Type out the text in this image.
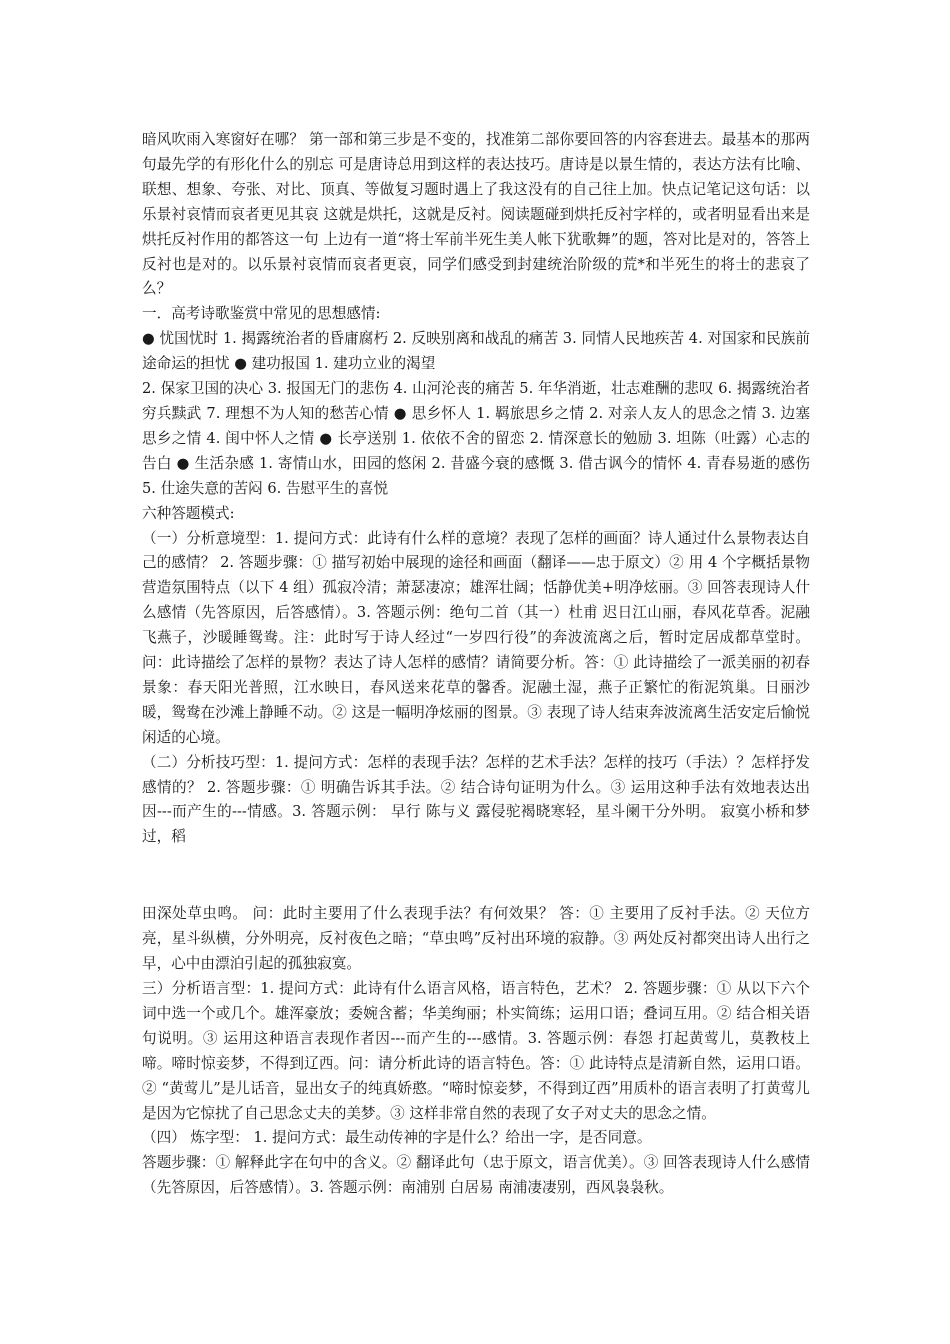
暗风吹雨入寒窗好在哪？ 第一部和第三步是不变的，找准第二部你要回答的内容套进去。最基本的那两句最先学的有形化什么的别忘 可是唐诗总用到这样的表达技巧。唐诗是以景生情的，表达方法有比喻、联想、想象、夸张、对比、顶真、等做复习题时遇上了我这没有的自己往上加。快点记笔记这句话：以乐景衬哀情而哀者更见其哀 这就是烘托，这就是反衬。阅读题碰到烘托反衬字样的，或者明显看出来是烘托反衬作用的都答这一句 上边有一道“将士军前半死生美人帐下犹歌舞”的题，答对比是对的，答答上反衬也是对的。以乐景衬哀情而哀者更哀，同学们感受到封建统治阶级的荒*和半死生的将士的悲哀了么？

一．高考诗歌鉴赏中常见的思想感情:

● 忧国忧时 1. 揭露统治者的昏庸腐朽 2. 反映别离和战乱的痛苦 3. 同情人民地疾苦 4. 对国家和民族前途命运的担忧 ● 建功报国 1. 建功立业的渴望

2. 保家卫国的决心 3. 报国无门的悲伤 4. 山河沦丧的痛苦 5. 年华消逝，壮志难酬的悲叹 6. 揭露统治者穷兵黩武 7. 理想不为人知的愁苦心情 ● 思乡怀人 1. 羁旅思乡之情 2. 对亲人友人的思念之情 3. 边塞思乡之情 4. 闺中怀人之情 ● 长亭送别 1. 依依不舍的留恋 2. 情深意长的勉励 3. 坦陈（吐露）心志的告白 ● 生活杂感 1. 寄情山水，田园的悠闲 2. 昔盛今衰的感慨 3. 借古讽今的情怀 4. 青春易逝的感伤 5. 仕途失意的苦闷 6. 告慰平生的喜悦

六种答题模式:

（一）分析意境型：1. 提问方式：此诗有什么样的意境？表现了怎样的画面？诗人通过什么景物表达自己的感情？ 2. 答题步骤：① 描写初始中展现的途径和画面（翻译——忠于原文）② 用 4 个字概括景物营造氛围特点（以下 4 组）孤寂冷清；萧瑟凄凉；雄浑壮阔；恬静优美+明净炫丽。③ 回答表现诗人什么感情（先答原因，后答感情）。3. 答题示例：绝句二首（其一）杜甫 迟日江山丽，春风花草香。泥融飞燕子，沙暖睡鸳鸯。注：此时写于诗人经过“一岁四行役”的奔波流离之后，暂时定居成都草堂时。问：此诗描绘了怎样的景物？表达了诗人怎样的感情？请简要分析。答：① 此诗描绘了一派美丽的初春景象：春天阳光普照，江水映日，春风送来花草的馨香。泥融土湿，燕子正繁忙的衔泥筑巢。日丽沙暖，鸳鸯在沙滩上静睡不动。② 这是一幅明净炫丽的图景。③ 表现了诗人结束奔波流离生活安定后愉悦闲适的心境。

（二）分析技巧型：1. 提问方式：怎样的表现手法？怎样的艺术手法？怎样的技巧（手法）？怎样抒发感情的？ 2. 答题步骤：① 明确告诉其手法。② 结合诗句证明为什么。③ 运用这种手法有效地表达出因---而产生的---情感。3. 答题示例： 早行 陈与义 露侵驼褐晓寒轻，星斗阑干分外明。 寂寞小桥和梦过，稻

田深处草虫鸣。 问：此时主要用了什么表现手法？有何效果？ 答：① 主要用了反衬手法。② 天位方亮，星斗纵横，分外明亮，反衬夜色之暗；“草虫鸣”反衬出环境的寂静。③ 两处反衬都突出诗人出行之早，心中由漂泊引起的孤独寂寞。

三）分析语言型：1. 提问方式：此诗有什么语言风格，语言特色，艺术？ 2. 答题步骤：① 从以下六个词中选一个或几个。雄浑豪放；委婉含蓄；华美绚丽；朴实简练；运用口语；叠词互用。② 结合相关语句说明。③ 运用这种语言表现作者因---而产生的---感情。3. 答题示例：春怨 打起黄莺儿，莫教枝上啼。啼时惊妾梦，不得到辽西。问：请分析此诗的语言特色。答：① 此诗特点是清新自然，运用口语。② “黄莺儿”是儿话音，显出女子的纯真娇憨。“啼时惊妾梦，不得到辽西”用质朴的语言表明了打黄莺儿是因为它惊扰了自己思念丈夫的美梦。③ 这样非常自然的表现了女子对丈夫的思念之情。

（四） 炼字型： 1. 提问方式：最生动传神的字是什么？给出一字，是否同意。

答题步骤：① 解释此字在句中的含义。② 翻译此句（忠于原文，语言优美）。③ 回答表现诗人什么感情（先答原因，后答感情）。3. 答题示例：南浦别 白居易 南浦凄凄别，西风袅袅秋。
